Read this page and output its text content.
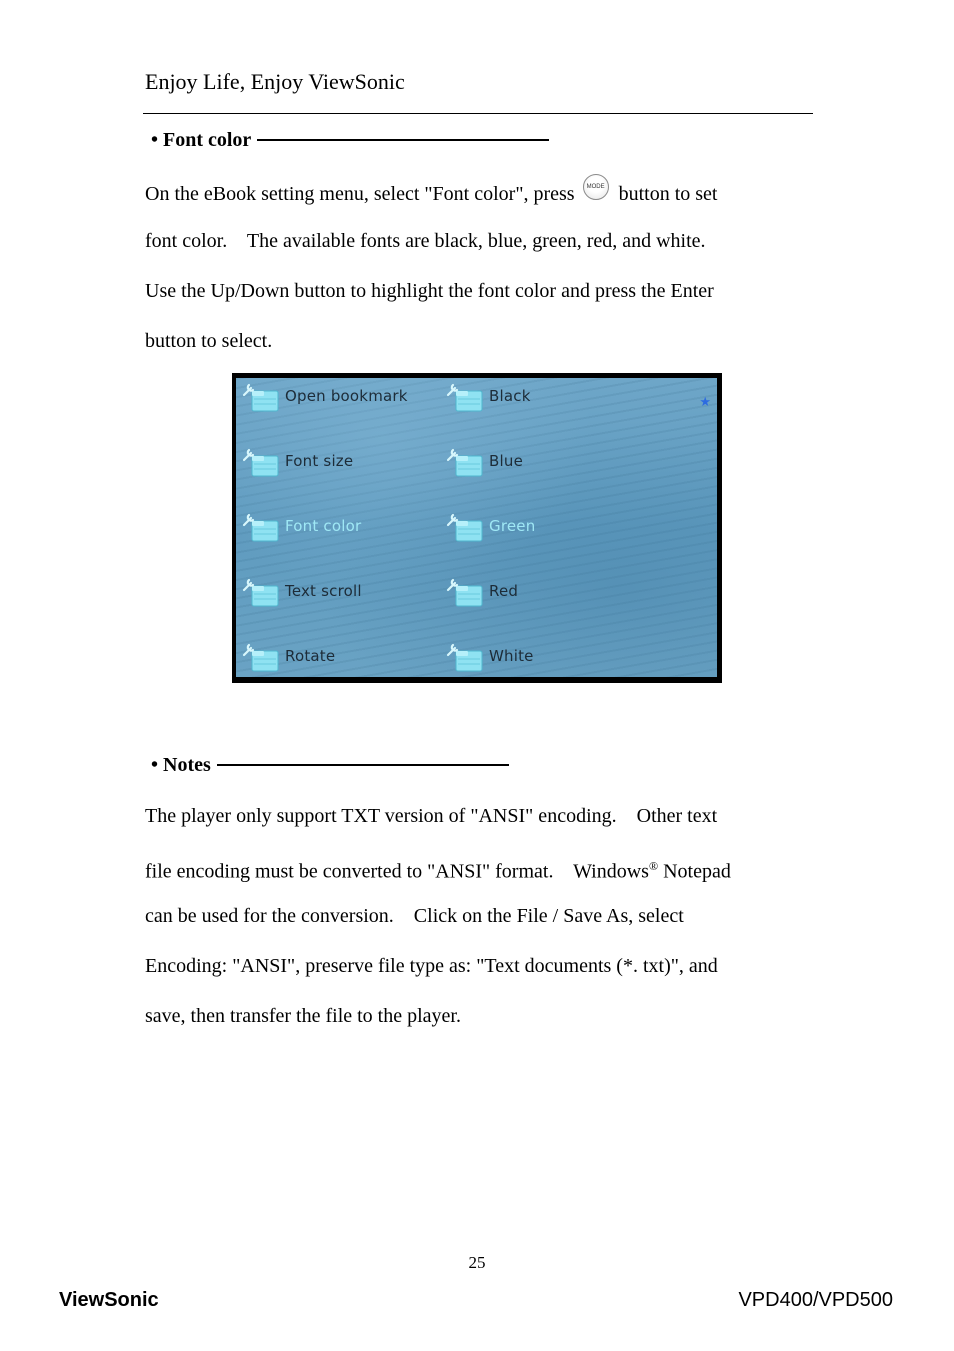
Enjoy Life, Enjoy ViewSonic
• Font color
On the eBook setting menu, select "Font color", press MODE button to set
font color.    The available fonts are black, blue, green, red, and white.
Use the Up/Down button to highlight the font color and press the Enter
button to select.
Open bookmark
Font size
Font color
Text scroll
Rotate
Black
Blue
Green
Red
White
★
• Notes
The player only support TXT version of "ANSI" encoding.    Other text
file encoding must be converted to "ANSI" format.    Windows® Notepad
can be used for the conversion.    Click on the File / Save As, select
Encoding: "ANSI", preserve file type as: "Text documents (*. txt)", and
save, then transfer the file to the player.
25
ViewSonic	VPD400/VPD500
